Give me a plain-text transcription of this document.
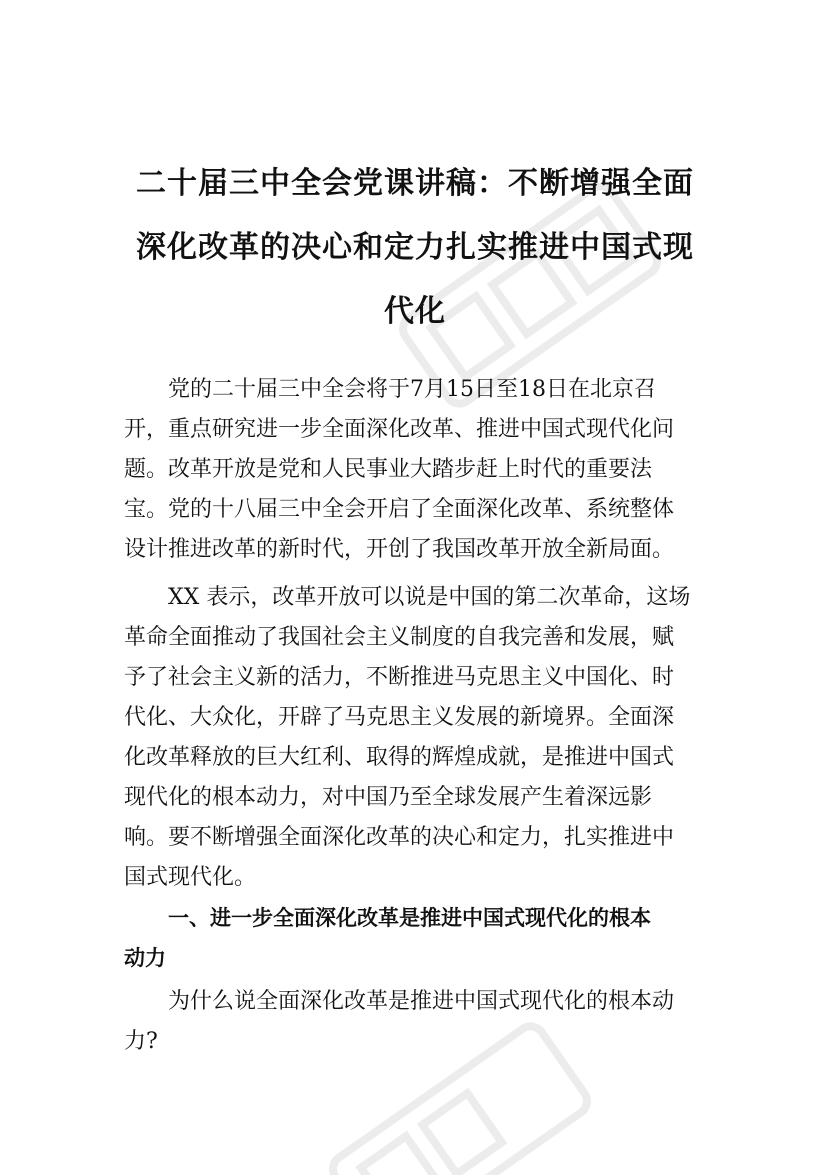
二十届三中全会党课讲稿：不断增强全面
深化改革的决心和定力扎实推进中国式现
代化
党的二十届三中全会将于7月15日至18日在北京召
开，重点研究进一步全面深化改革、推进中国式现代化问
题。改革开放是党和人民事业大踏步赶上时代的重要法
宝。党的十八届三中全会开启了全面深化改革、系统整体
设计推进改革的新时代，开创了我国改革开放全新局面。
XX 表示，改革开放可以说是中国的第二次革命，这场
革命全面推动了我国社会主义制度的自我完善和发展，赋
予了社会主义新的活力，不断推进马克思主义中国化、时
代化、大众化，开辟了马克思主义发展的新境界。全面深
化改革释放的巨大红利、取得的辉煌成就，是推进中国式
现代化的根本动力，对中国乃至全球发展产生着深远影
响。要不断增强全面深化改革的决心和定力，扎实推进中
国式现代化。
一、进一步全面深化改革是推进中国式现代化的根本
动力
为什么说全面深化改革是推进中国式现代化的根本动
力?
